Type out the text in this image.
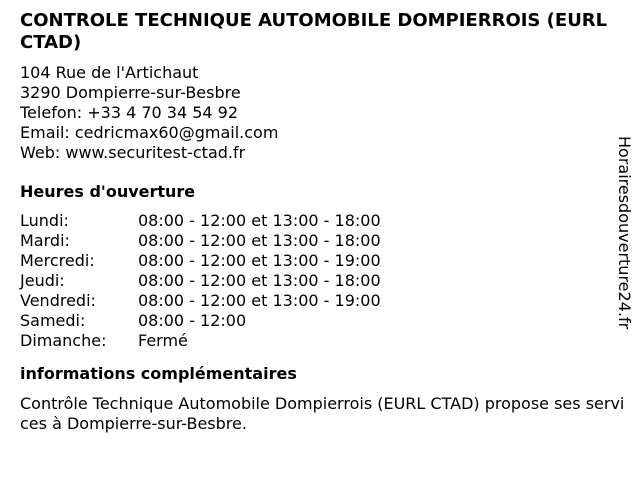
CONTROLE TECHNIQUE AUTOMOBILE DOMPIERROIS (EURL CTAD)
104 Rue de l'Artichaut
3290 Dompierre-sur-Besbre
Telefon: +33 4 70 34 54 92
Email: cedricmax60@gmail.com
Web: www.securitest-ctad.fr
Heures d'ouverture
Lundi:	08:00 - 12:00 et 13:00 - 18:00
Mardi:	08:00 - 12:00 et 13:00 - 18:00
Mercredi:	08:00 - 12:00 et 13:00 - 19:00
Jeudi:	08:00 - 12:00 et 13:00 - 18:00
Vendredi:	08:00 - 12:00 et 13:00 - 19:00
Samedi:	08:00 - 12:00
Dimanche:	Fermé
informations complémentaires
Contrôle Technique Automobile Dompierrois (EURL CTAD) propose ses services à Dompierre-sur-Besbre.
Horairesdouverture24.fr
